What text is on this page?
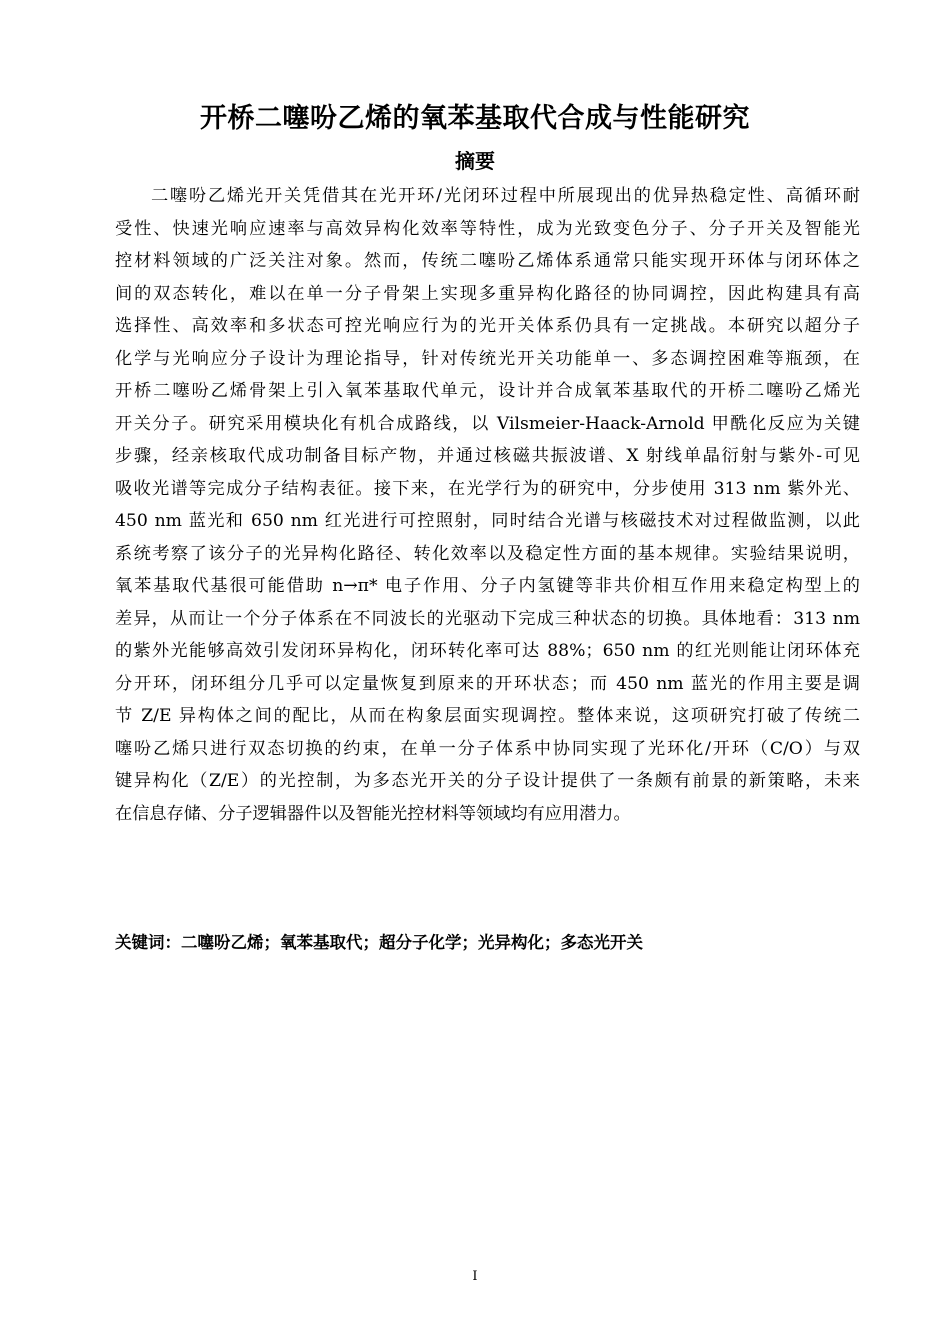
开桥二噻吩乙烯的氧苯基取代合成与性能研究
摘要
二噻吩乙烯光开关凭借其在光开环/光闭环过程中所展现出的优异热稳定性、高循环耐
受性、快速光响应速率与高效异构化效率等特性，成为光致变色分子、分子开关及智能光
控材料领域的广泛关注对象。然而，传统二噻吩乙烯体系通常只能实现开环体与闭环体之
间的双态转化，难以在单一分子骨架上实现多重异构化路径的协同调控，因此构建具有高
选择性、高效率和多状态可控光响应行为的光开关体系仍具有一定挑战。本研究以超分子
化学与光响应分子设计为理论指导，针对传统光开关功能单一、多态调控困难等瓶颈，在
开桥二噻吩乙烯骨架上引入氧苯基取代单元，设计并合成氧苯基取代的开桥二噻吩乙烯光
开关分子。研究采用模块化有机合成路线，以 Vilsmeier-Haack-Arnold 甲酰化反应为关键
步骤，经亲核取代成功制备目标产物，并通过核磁共振波谱、X 射线单晶衍射与紫外-可见
吸收光谱等完成分子结构表征。接下来，在光学行为的研究中，分步使用 313 nm 紫外光、
450 nm 蓝光和 650 nm 红光进行可控照射，同时结合光谱与核磁技术对过程做监测，以此
系统考察了该分子的光异构化路径、转化效率以及稳定性方面的基本规律。实验结果说明，
氧苯基取代基很可能借助 n→π* 电子作用、分子内氢键等非共价相互作用来稳定构型上的
差异，从而让一个分子体系在不同波长的光驱动下完成三种状态的切换。具体地看：313 nm
的紫外光能够高效引发闭环异构化，闭环转化率可达 88%；650 nm 的红光则能让闭环体充
分开环，闭环组分几乎可以定量恢复到原来的开环状态；而 450 nm 蓝光的作用主要是调
节 Z/E 异构体之间的配比，从而在构象层面实现调控。整体来说，这项研究打破了传统二
噻吩乙烯只进行双态切换的约束，在单一分子体系中协同实现了光环化/开环（C/O）与双
键异构化（Z/E）的光控制，为多态光开关的分子设计提供了一条颇有前景的新策略，未来
在信息存储、分子逻辑器件以及智能光控材料等领域均有应用潜力。
关键词：二噻吩乙烯；氧苯基取代；超分子化学；光异构化；多态光开关
I
